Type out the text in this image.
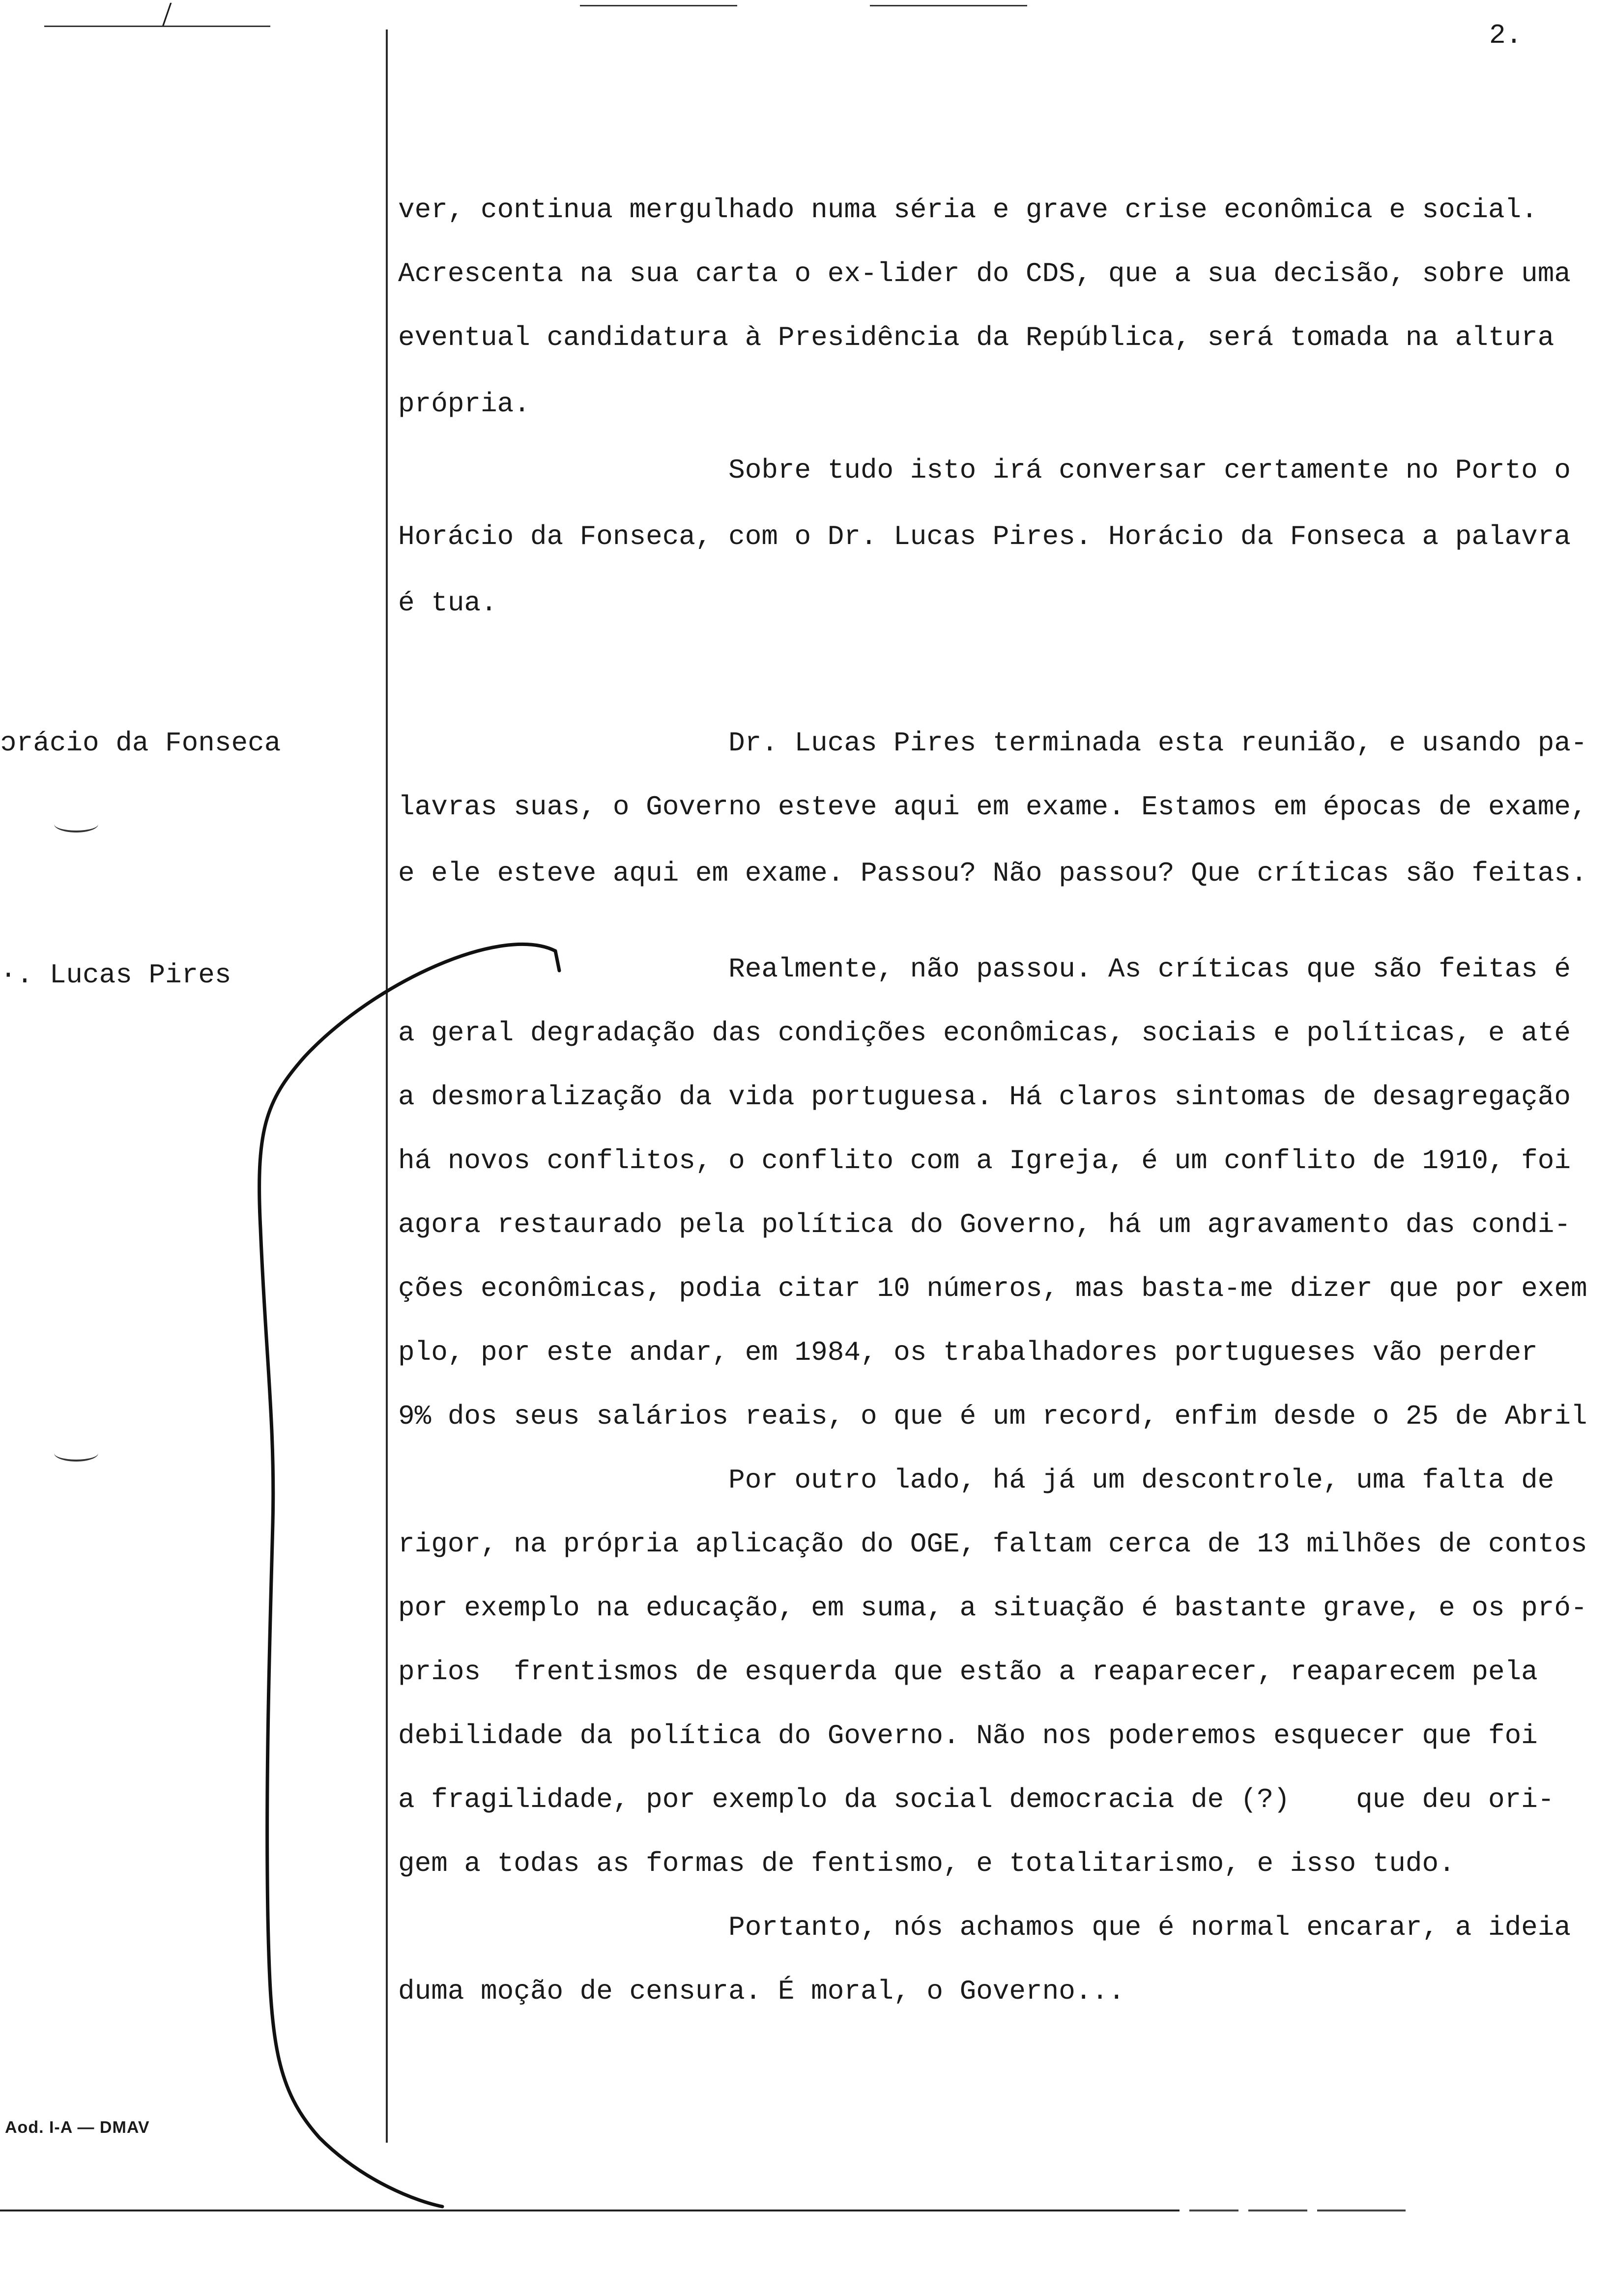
/
2.
ɔrácio da Fonseca
·. Lucas Pires
ver, continua mergulhado numa séria e grave crise econômica e social.
Acrescenta na sua carta o ex-lider do CDS, que a sua decisão, sobre uma
eventual candidatura à Presidência da República, será tomada na altura
própria.
Sobre tudo isto irá conversar certamente no Porto o
Horácio da Fonseca, com o Dr. Lucas Pires. Horácio da Fonseca a palavra
é tua.
Dr. Lucas Pires terminada esta reunião, e usando pa-
lavras suas, o Governo esteve aqui em exame. Estamos em épocas de exame,
e ele esteve aqui em exame. Passou? Não passou? Que críticas são feitas.
Realmente, não passou. As críticas que são feitas é
a geral degradação das condições econômicas, sociais e políticas, e até
a desmoralização da vida portuguesa. Há claros sintomas de desagregação
há novos conflitos, o conflito com a Igreja, é um conflito de 1910, foi
agora restaurado pela política do Governo, há um agravamento das condi-
ções econômicas, podia citar 10 números, mas basta-me dizer que por exem
plo, por este andar, em 1984, os trabalhadores portugueses vão perder
9% dos seus salários reais, o que é um record, enfim desde o 25 de Abril
Por outro lado, há já um descontrole, uma falta de
rigor, na própria aplicação do OGE, faltam cerca de 13 milhões de contos
por exemplo na educação, em suma, a situação é bastante grave, e os pró-
prios  frentismos de esquerda que estão a reaparecer, reaparecem pela
debilidade da política do Governo. Não nos poderemos esquecer que foi
a fragilidade, por exemplo da social democracia de (?)    que deu ori-
gem a todas as formas de fentismo, e totalitarismo, e isso tudo.
Portanto, nós achamos que é normal encarar, a ideia
duma moção de censura. É moral, o Governo...
Aod. I-A — DMAV
